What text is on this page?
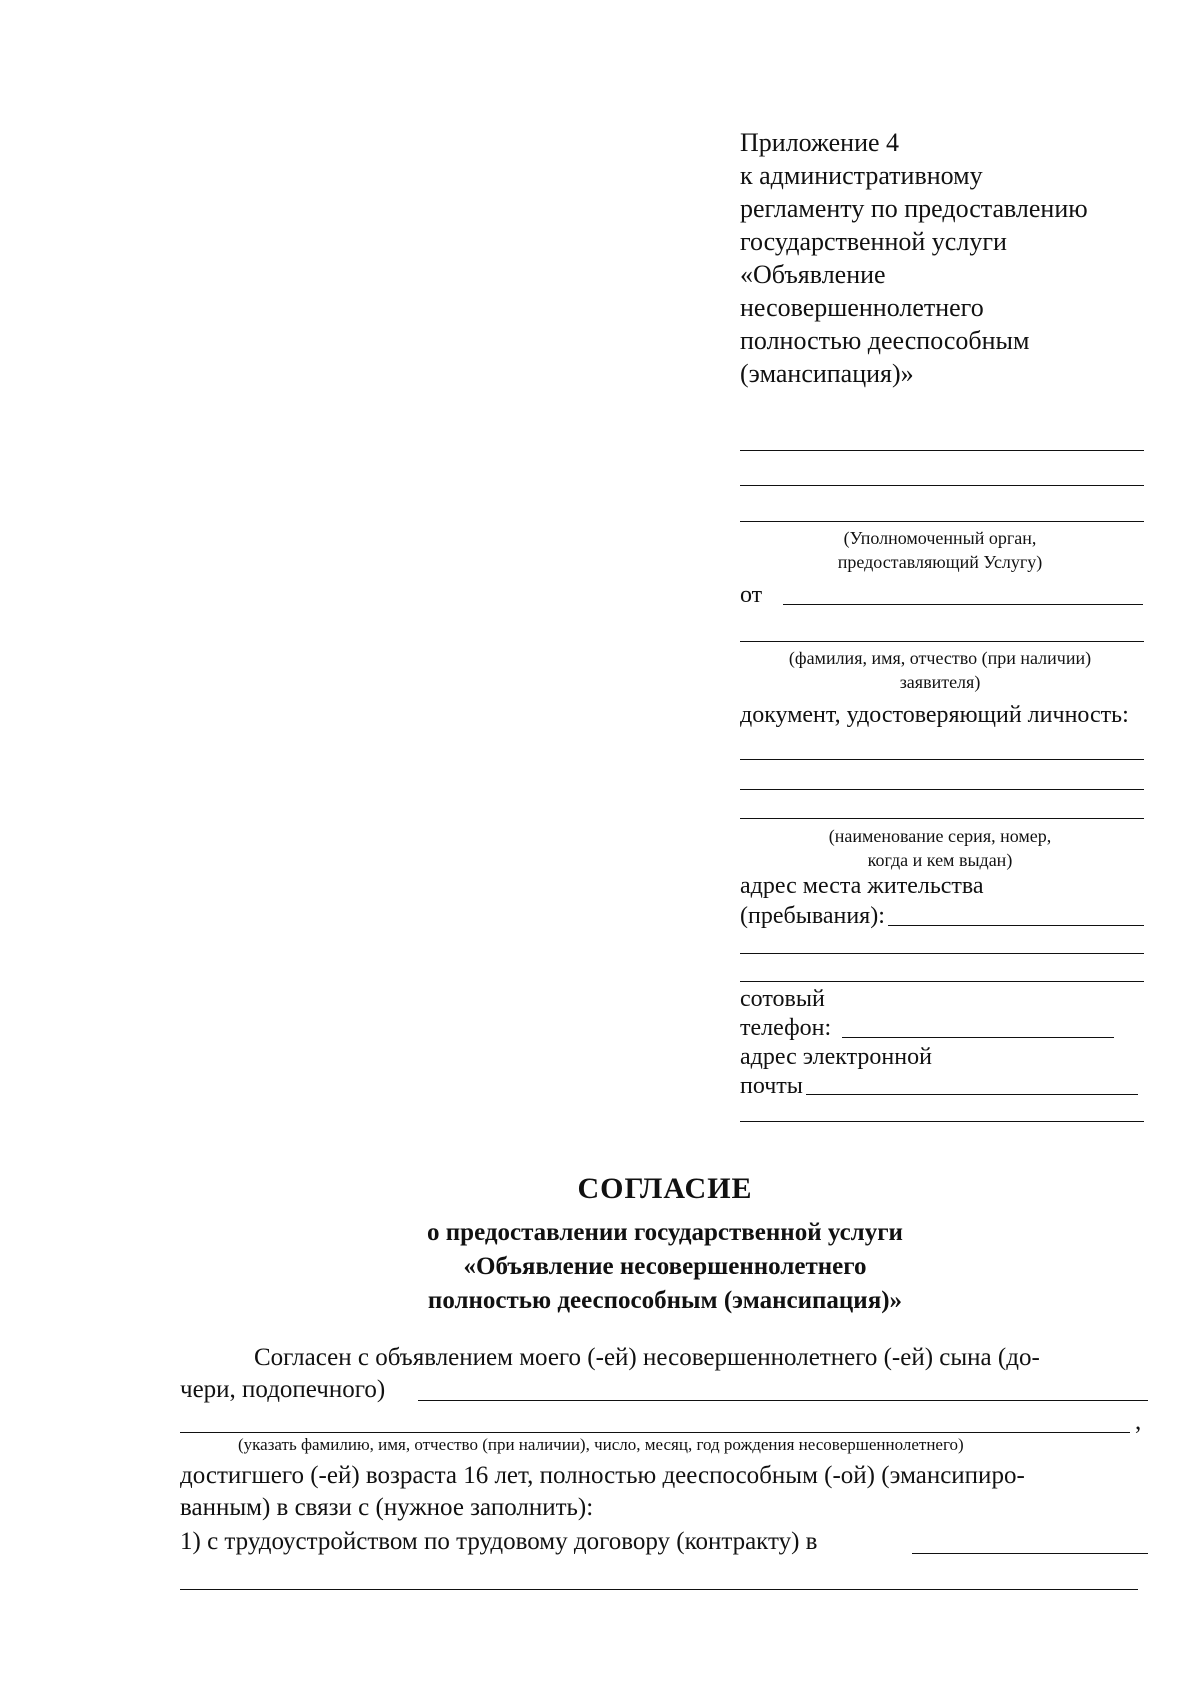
Приложение 4
к административному
регламенту по предоставлению
государственной услуги
«Объявление
несовершеннолетнего
полностью дееспособным
(эмансипация)»
(Уполномоченный орган,
предоставляющий Услугу)
от
(фамилия, имя, отчество (при наличии)
заявителя)
документ, удостоверяющий личность:
(наименование серия, номер,
когда и кем выдан)
адрес места жительства
(пребывания):
сотовый
телефон:
адрес электронной
почты
СОГЛАСИЕ
о предоставлении государственной услуги
«Объявление несовершеннолетнего
полностью дееспособным (эмансипация)»
Согласен с объявлением моего (-ей) несовершеннолетнего (-ей) сына (до-
чери, подопечного)
,
(указать фамилию, имя, отчество (при наличии), число, месяц, год рождения несовершеннолетнего)
достигшего (-ей) возраста 16 лет, полностью дееспособным (-ой) (эмансипиро-
ванным) в связи с (нужное заполнить):
1) с трудоустройством по трудовому договору (контракту) в
